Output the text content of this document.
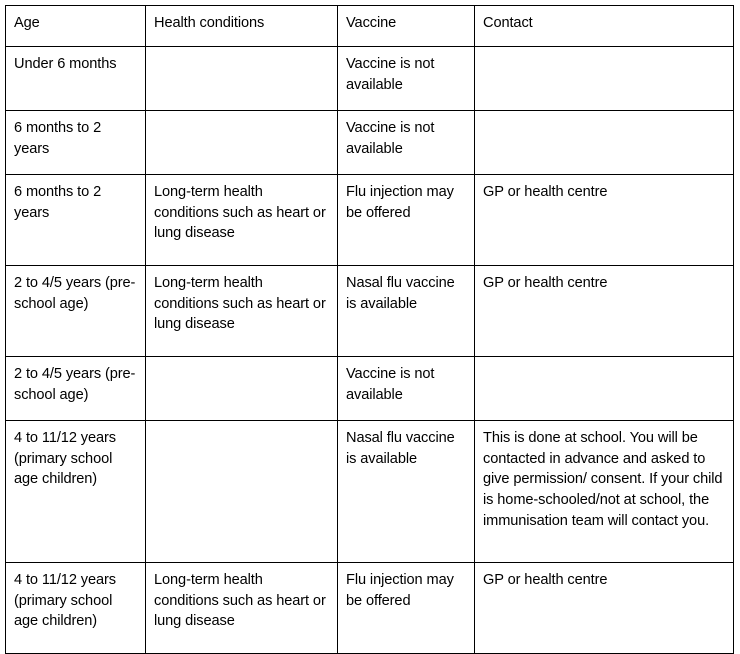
Age	Health conditions	Vaccine	Contact

Under 6 months		Vaccine is not available	

6 months to 2 years		Vaccine is not available	

6 months to 2 years	Long-term health conditions such as heart or lung disease	Flu injection may be offered	GP or health centre

2 to 4/5 years (pre-school age)	Long-term health conditions such as heart or lung disease	Nasal flu vaccine is available	GP or health centre

2 to 4/5 years (pre-school age)		Vaccine is not available	

4 to 11/12 years (primary school age children)		Nasal flu vaccine is available	This is done at school. You will be contacted in advance and asked to give permission/ consent. If your child is home-schooled/not at school, the immunisation team will contact you.

4 to 11/12 years (primary school age children)	Long-term health conditions such as heart or lung disease	Flu injection may be offered	GP or health centre
